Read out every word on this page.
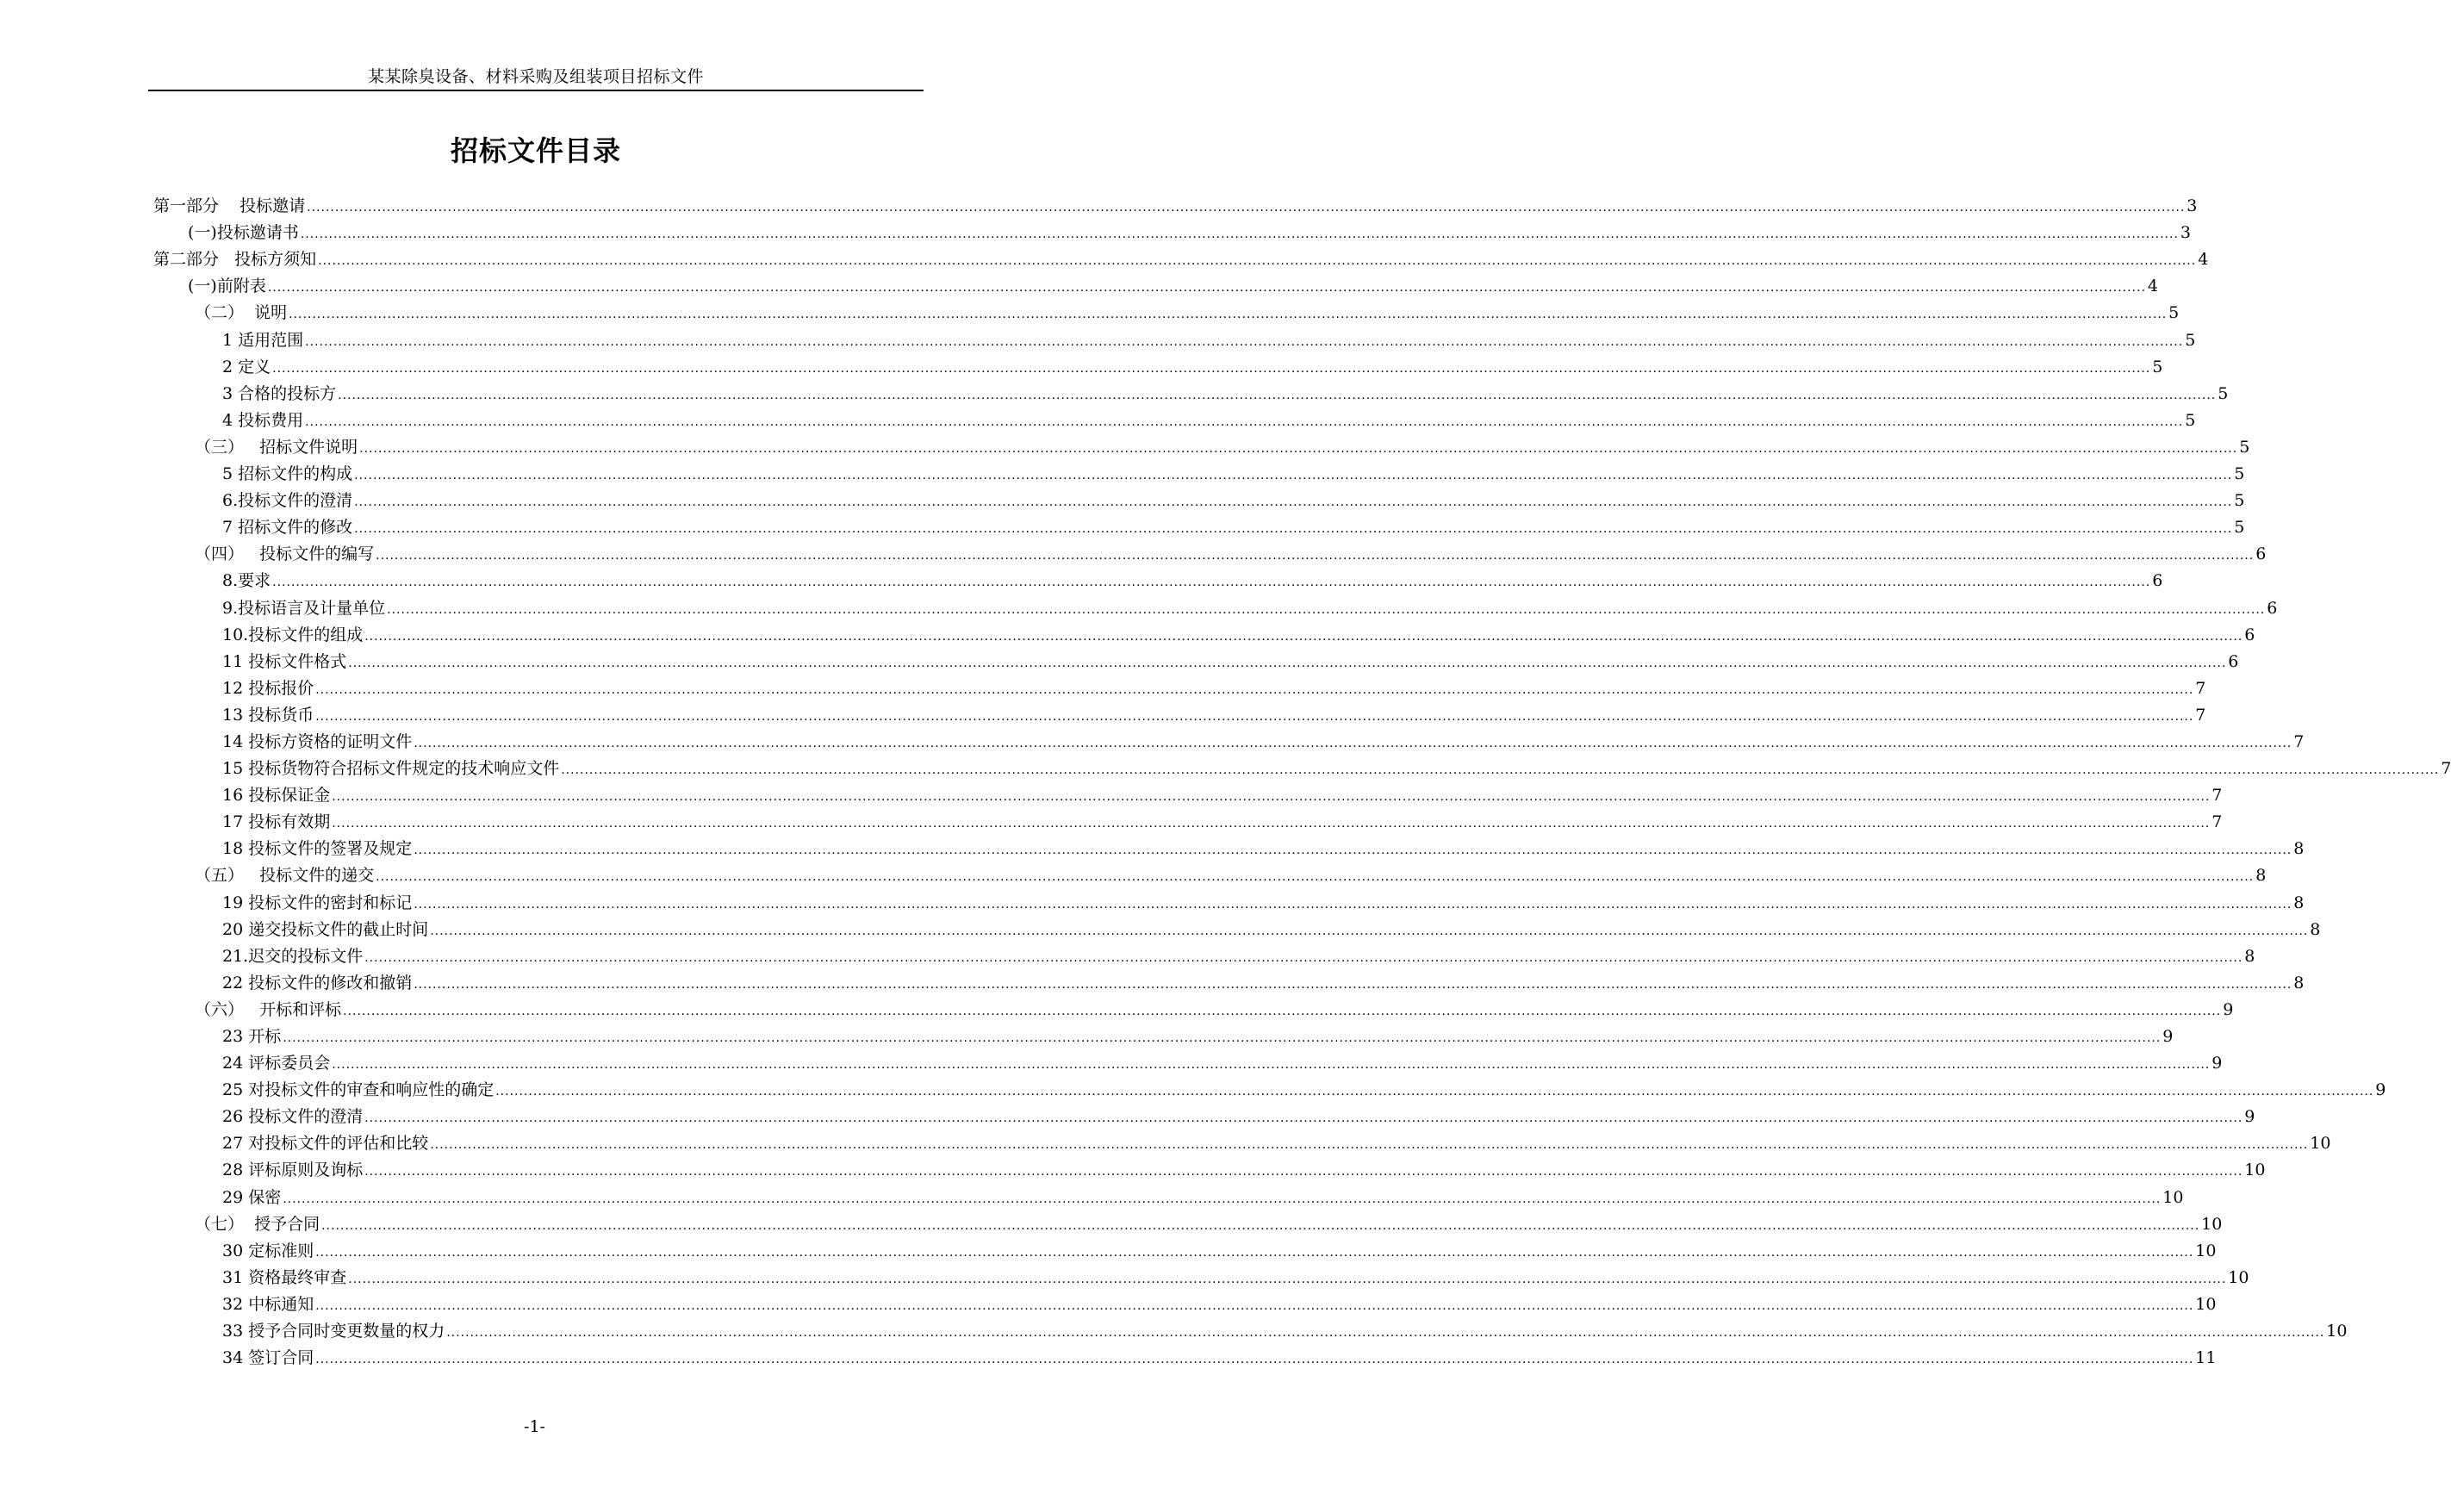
某某除臭设备、材料采购及组装项目招标文件
招标文件目录
第一部分    投标邀请 ................................................................................................................................................................................................................................................................................................................................................................................................................ 3
(一)投标邀请书 ................................................................................................................................................................................................................................................................................................................................................................................................................ 3
第二部分   投标方须知 ................................................................................................................................................................................................................................................................................................................................................................................................................ 4
(一)前附表 ................................................................................................................................................................................................................................................................................................................................................................................................................ 4
（二）  说明 ................................................................................................................................................................................................................................................................................................................................................................................................................ 5
1 适用范围 ................................................................................................................................................................................................................................................................................................................................................................................................................ 5
2 定义 ................................................................................................................................................................................................................................................................................................................................................................................................................ 5
3 合格的投标方 ................................................................................................................................................................................................................................................................................................................................................................................................................ 5
4 投标费用 ................................................................................................................................................................................................................................................................................................................................................................................................................ 5
（三）   招标文件说明 ................................................................................................................................................................................................................................................................................................................................................................................................................ 5
5 招标文件的构成 ................................................................................................................................................................................................................................................................................................................................................................................................................ 5
6.投标文件的澄清 ................................................................................................................................................................................................................................................................................................................................................................................................................ 5
7 招标文件的修改 ................................................................................................................................................................................................................................................................................................................................................................................................................ 5
（四）   投标文件的编写 ................................................................................................................................................................................................................................................................................................................................................................................................................ 6
8.要求 ................................................................................................................................................................................................................................................................................................................................................................................................................ 6
9.投标语言及计量单位 ................................................................................................................................................................................................................................................................................................................................................................................................................ 6
10.投标文件的组成 ................................................................................................................................................................................................................................................................................................................................................................................................................ 6
11 投标文件格式 ................................................................................................................................................................................................................................................................................................................................................................................................................ 6
12 投标报价 ................................................................................................................................................................................................................................................................................................................................................................................................................ 7
13 投标货币 ................................................................................................................................................................................................................................................................................................................................................................................................................ 7
14 投标方资格的证明文件 ................................................................................................................................................................................................................................................................................................................................................................................................................ 7
15 投标货物符合招标文件规定的技术响应文件 ................................................................................................................................................................................................................................................................................................................................................................................................................ 7
16 投标保证金 ................................................................................................................................................................................................................................................................................................................................................................................................................ 7
17 投标有效期 ................................................................................................................................................................................................................................................................................................................................................................................................................ 7
18 投标文件的签署及规定 ................................................................................................................................................................................................................................................................................................................................................................................................................ 8
（五）   投标文件的递交 ................................................................................................................................................................................................................................................................................................................................................................................................................ 8
19 投标文件的密封和标记 ................................................................................................................................................................................................................................................................................................................................................................................................................ 8
20 递交投标文件的截止时间 ................................................................................................................................................................................................................................................................................................................................................................................................................ 8
21.迟交的投标文件 ................................................................................................................................................................................................................................................................................................................................................................................................................ 8
22 投标文件的修改和撤销 ................................................................................................................................................................................................................................................................................................................................................................................................................ 8
（六）   开标和评标 ................................................................................................................................................................................................................................................................................................................................................................................................................ 9
23 开标 ................................................................................................................................................................................................................................................................................................................................................................................................................ 9
24 评标委员会 ................................................................................................................................................................................................................................................................................................................................................................................................................ 9
25 对投标文件的审查和响应性的确定 ................................................................................................................................................................................................................................................................................................................................................................................................................ 9
26 投标文件的澄清 ................................................................................................................................................................................................................................................................................................................................................................................................................ 9
27 对投标文件的评估和比较 ................................................................................................................................................................................................................................................................................................................................................................................................................ 10
28 评标原则及询标 ................................................................................................................................................................................................................................................................................................................................................................................................................ 10
29 保密 ................................................................................................................................................................................................................................................................................................................................................................................................................ 10
（七）  授予合同 ................................................................................................................................................................................................................................................................................................................................................................................................................ 10
30 定标准则 ................................................................................................................................................................................................................................................................................................................................................................................................................ 10
31 资格最终审查 ................................................................................................................................................................................................................................................................................................................................................................................................................ 10
32 中标通知 ................................................................................................................................................................................................................................................................................................................................................................................................................ 10
33 授予合同时变更数量的权力 ................................................................................................................................................................................................................................................................................................................................................................................................................ 10
34 签订合同 ................................................................................................................................................................................................................................................................................................................................................................................................................ 11
-1-
